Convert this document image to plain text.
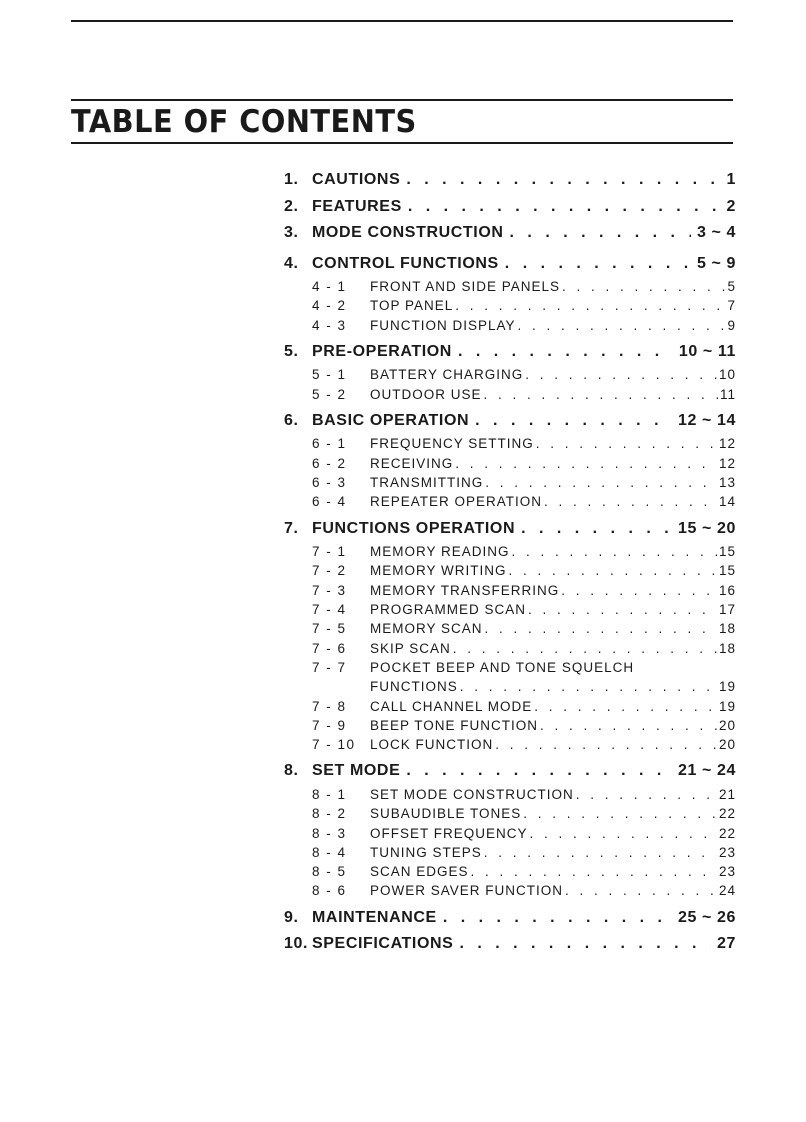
TABLE OF CONTENTS
1. CAUTIONS . . .	1
2. FEATURES . . .	2
3. MODE CONSTRUCTION . . .	3 ~ 4
4. CONTROL FUNCTIONS . . .	5 ~ 9
4 - 1	FRONT AND SIDE PANELS . . .	5
4 - 2	TOP PANEL . . .	7
4 - 3	FUNCTION DISPLAY . . .	9
5. PRE-OPERATION . . .	10 ~ 11
5 - 1	BATTERY CHARGING . . .	10
5 - 2	OUTDOOR USE . . .	11
6. BASIC OPERATION . . .	12 ~ 14
6 - 1	FREQUENCY SETTING . . .	12
6 - 2	RECEIVING . . .	12
6 - 3	TRANSMITTING . . .	13
6 - 4	REPEATER OPERATION . . .	14
7. FUNCTIONS OPERATION . . .	15 ~ 20
7 - 1	MEMORY READING . . .	15
7 - 2	MEMORY WRITING . . .	15
7 - 3	MEMORY TRANSFERRING . . .	16
7 - 4	PROGRAMMED SCAN . . .	17
7 - 5	MEMORY SCAN . . .	18
7 - 6	SKIP SCAN . . .	18
7 - 7	POCKET BEEP AND TONE SQUELCH
FUNCTIONS . . .	19
7 - 8	CALL CHANNEL MODE . . .	19
7 - 9	BEEP TONE FUNCTION . . .	20
7 - 10	LOCK FUNCTION . . .	20
8. SET MODE . . .	21 ~ 24
8 - 1	SET MODE CONSTRUCTION . . .	21
8 - 2	SUBAUDIBLE TONES . . .	22
8 - 3	OFFSET FREQUENCY . . .	22
8 - 4	TUNING STEPS . . .	23
8 - 5	SCAN EDGES . . .	23
8 - 6	POWER SAVER FUNCTION . . .	24
9. MAINTENANCE . . .	25 ~ 26
10. SPECIFICATIONS . . .	27
